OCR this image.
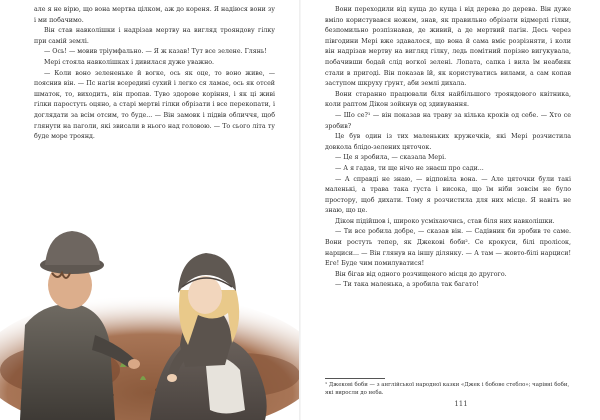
але я не вірю, що вона мертва цілком, аж до кореня. Я надіюся вони зу і ми побачимо.

Він став навколішки і надрізав мертву на вигляд трояндову гілку при самій землі.

— Ось! — мовив тріумфально. — Я ж казав! Тут все зелене. Глянь!

Мері стояла навколішках і дивилася дуже уважно.

— Коли воно зелененьке й вогке, ось як оце, то воно живе, — пояснив він. — Пс нагін всередині сухий і легко ся ламає, ось як отсей шматок, то, виходить, він пропав. Туво здорове коріння, і як ці живі гілки паростуть оцяно, а старі мертві гілки обрізати і все перекопати, і доглядати за всім отсим, то буде... — Він замовк і підвів обличчя, щоб глянути на паголи, які звисали в нього над головою. — То сього літа ту буде море троянд.

Вони переходили від куща до куща і від дерева до дерева. Він дуже вміло користувався ножем, знав, як правильно обрізати відмерлі гілки, безпомильно розпізнавав, де живий, а де мертвий пагін. Десь через півгодини Мері вже здавалося, що вона й сама вміє розрізняти, і коли він надрізав мертву на вигляд гілку, ледь помітний порізно вигукувала, побачивши бодай слід вогкої зелені. Лопата, сапка і вила їм неабияк стали в пригоді. Він показав їй, як користуватись вилами, а сам копав заступом шкруху ґрунт, аби землі дихала.

Вони старанно працювали біля найбільшого трояндового квітника, коли раптом Дікон зойкнув од здивування.

— Шо се?¹ — він показав на траву за кілька кроків од себе. — Хто се зробив?

Це був один із тих маленьких кружечків, які Мері розчистила довкола блідо-зелених цяточок.

— Це я зробила, — сказала Мері.

— А я гадав, ти ще нічо не знаєш про сади...

— А справді не знаю, — відповіла вона. — Але цяточки були такі маленькі, а трава така густа і висока, що їм ніби зовсім не було простору, щоб дихати. Тому я розчистила для них місце. Я навіть не знаю, що це.

Дікон підійшов і, широко усміхаючись, став біля них навколішки.

— Ти все робила добре, — сказав він. — Садівник би зробив те саме. Вони ростуть тепер, як Джекові боби². Се крокуси, білі пролісок, нарциси... — Він глянув на іншу ділянку. — А там — жовто-білі нарциси! Еге! Буде чим помилуватися!

Він бігав від одного розчищеного місця до другого.

— Ти така маленька, а зробила так багато!

¹ Джекові боби — з англійської народної казки «Джек і бобове стебло»; чарівні боби, які виросли до неба.
111
